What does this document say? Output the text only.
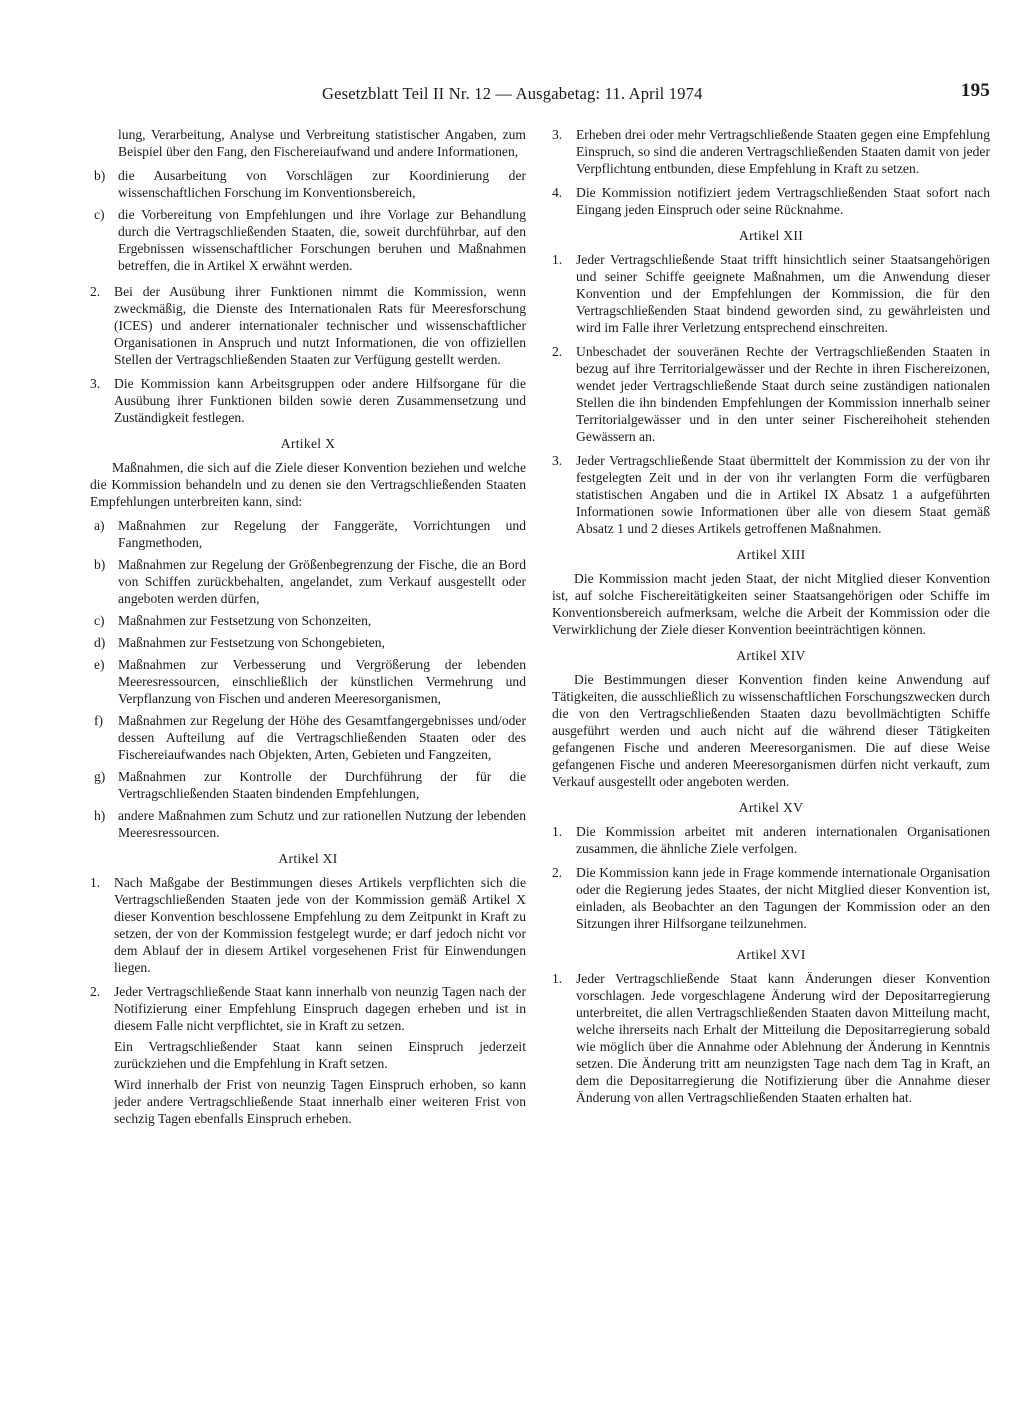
Gesetzblatt Teil II Nr. 12 — Ausgabetag: 11. April 1974	195

lung, Verarbeitung, Analyse und Verbreitung statistischer Angaben, zum Beispiel über den Fang, den Fischereiaufwand und andere Informationen,

b) die Ausarbeitung von Vorschlägen zur Koordinierung der wissenschaftlichen Forschung im Konventionsbereich,
c) die Vorbereitung von Empfehlungen und ihre Vorlage zur Behandlung durch die Vertragschließenden Staaten, die, soweit durchführbar, auf den Ergebnissen wissenschaftlicher Forschungen beruhen und Maßnahmen betreffen, die in Artikel X erwähnt werden.
2. Bei der Ausübung ihrer Funktionen nimmt die Kommission, wenn zweckmäßig, die Dienste des Internationalen Rats für Meeresforschung (ICES) und anderer internationaler technischer und wissenschaftlicher Organisationen in Anspruch und nutzt Informationen, die von offiziellen Stellen der Vertragschließenden Staaten zur Verfügung gestellt werden.
3. Die Kommission kann Arbeitsgruppen oder andere Hilfsorgane für die Ausübung ihrer Funktionen bilden sowie deren Zusammensetzung und Zuständigkeit festlegen.
Artikel X

Maßnahmen, die sich auf die Ziele dieser Konvention beziehen und welche die Kommission behandeln und zu denen sie den Vertragschließenden Staaten Empfehlungen unterbreiten kann, sind:

a) Maßnahmen zur Regelung der Fanggeräte, Vorrichtungen und Fangmethoden,
b) Maßnahmen zur Regelung der Größenbegrenzung der Fische, die an Bord von Schiffen zurückbehalten, angelandet, zum Verkauf ausgestellt oder angeboten werden dürfen,
c) Maßnahmen zur Festsetzung von Schonzeiten,
d) Maßnahmen zur Festsetzung von Schongebieten,
e) Maßnahmen zur Verbesserung und Vergrößerung der lebenden Meeresressourcen, einschließlich der künstlichen Vermehrung und Verpflanzung von Fischen und anderen Meeresorganismen,
f) Maßnahmen zur Regelung der Höhe des Gesamtfangergebnisses und/oder dessen Aufteilung auf die Vertragschließenden Staaten oder des Fischereiaufwandes nach Objekten, Arten, Gebieten und Fangzeiten,
g) Maßnahmen zur Kontrolle der Durchführung der für die Vertragschließenden Staaten bindenden Empfehlungen,
h) andere Maßnahmen zum Schutz und zur rationellen Nutzung der lebenden Meeresressourcen.
Artikel XI
1. Nach Maßgabe der Bestimmungen dieses Artikels verpflichten sich die Vertragschließenden Staaten jede von der Kommission gemäß Artikel X dieser Konvention beschlossene Empfehlung zu dem Zeitpunkt in Kraft zu setzen, der von der Kommission festgelegt wurde; er darf jedoch nicht vor dem Ablauf der in diesem Artikel vorgesehenen Frist für Einwendungen liegen.
2. Jeder Vertragschließende Staat kann innerhalb von neunzig Tagen nach der Notifizierung einer Empfehlung Einspruch dagegen erheben und ist in diesem Falle nicht verpflichtet, sie in Kraft zu setzen.

Ein Vertragschließender Staat kann seinen Einspruch jederzeit zurückziehen und die Empfehlung in Kraft setzen.

Wird innerhalb der Frist von neunzig Tagen Einspruch erhoben, so kann jeder andere Vertragschließende Staat innerhalb einer weiteren Frist von sechzig Tagen ebenfalls Einspruch erheben.

3. Erheben drei oder mehr Vertragschließende Staaten gegen eine Empfehlung Einspruch, so sind die anderen Vertragschließenden Staaten damit von jeder Verpflichtung entbunden, diese Empfehlung in Kraft zu setzen.
4. Die Kommission notifiziert jedem Vertragschließenden Staat sofort nach Eingang jeden Einspruch oder seine Rücknahme.
Artikel XII
1. Jeder Vertragschließende Staat trifft hinsichtlich seiner Staatsangehörigen und seiner Schiffe geeignete Maßnahmen, um die Anwendung dieser Konvention und der Empfehlungen der Kommission, die für den Vertragschließenden Staat bindend geworden sind, zu gewährleisten und wird im Falle ihrer Verletzung entsprechend einschreiten.
2. Unbeschadet der souveränen Rechte der Vertragschließenden Staaten in bezug auf ihre Territorialgewässer und der Rechte in ihren Fischereizonen, wendet jeder Vertragschließende Staat durch seine zuständigen nationalen Stellen die ihn bindenden Empfehlungen der Kommission innerhalb seiner Territorialgewässer und in den unter seiner Fischereihoheit stehenden Gewässern an.
3. Jeder Vertragschließende Staat übermittelt der Kommission zu der von ihr festgelegten Zeit und in der von ihr verlangten Form die verfügbaren statistischen Angaben und die in Artikel IX Absatz 1 a aufgeführten Informationen sowie Informationen über alle von diesem Staat gemäß Absatz 1 und 2 dieses Artikels getroffenen Maßnahmen.
Artikel XIII

Die Kommission macht jeden Staat, der nicht Mitglied dieser Konvention ist, auf solche Fischereitätigkeiten seiner Staatsangehörigen oder Schiffe im Konventionsbereich aufmerksam, welche die Arbeit der Kommission oder die Verwirklichung der Ziele dieser Konvention beeinträchtigen können.

Artikel XIV

Die Bestimmungen dieser Konvention finden keine Anwendung auf Tätigkeiten, die ausschließlich zu wissenschaftlichen Forschungszwecken durch die von den Vertragschließenden Staaten dazu bevollmächtigten Schiffe ausgeführt werden und auch nicht auf die während dieser Tätigkeiten gefangenen Fische und anderen Meeresorganismen. Die auf diese Weise gefangenen Fische und anderen Meeresorganismen dürfen nicht verkauft, zum Verkauf ausgestellt oder angeboten werden.

Artikel XV
1. Die Kommission arbeitet mit anderen internationalen Organisationen zusammen, die ähnliche Ziele verfolgen.
2. Die Kommission kann jede in Frage kommende internationale Organisation oder die Regierung jedes Staates, der nicht Mitglied dieser Konvention ist, einladen, als Beobachter an den Tagungen der Kommission oder an den Sitzungen ihrer Hilfsorgane teilzunehmen.
Artikel XVI
1. Jeder Vertragschließende Staat kann Änderungen dieser Konvention vorschlagen. Jede vorgeschlagene Änderung wird der Depositarregierung unterbreitet, die allen Vertragschließenden Staaten davon Mitteilung macht, welche ihrerseits nach Erhalt der Mitteilung die Depositarregierung sobald wie möglich über die Annahme oder Ablehnung der Änderung in Kenntnis setzen. Die Änderung tritt am neunzigsten Tage nach dem Tag in Kraft, an dem die Depositarregierung die Notifizierung über die Annahme dieser Änderung von allen Vertragschließenden Staaten erhalten hat.
